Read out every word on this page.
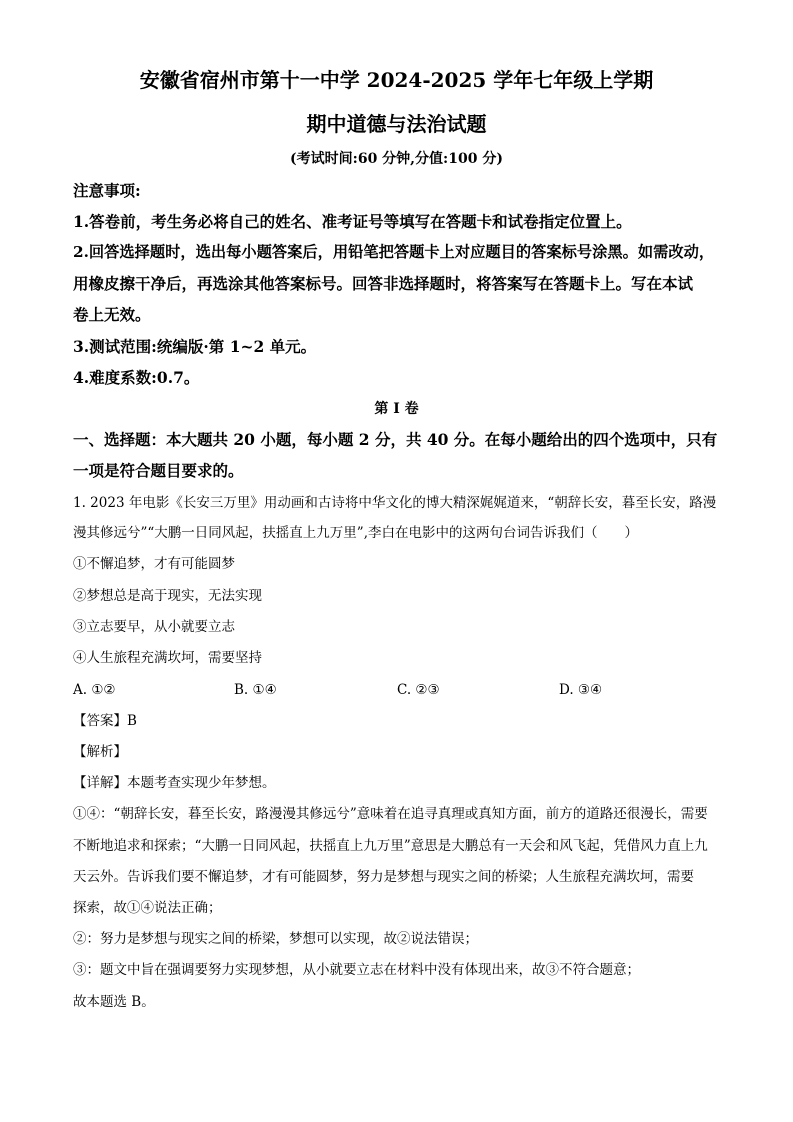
安徽省宿州市第十一中学 2024-2025 学年七年级上学期
期中道德与法治试题
(考试时间:60 分钟,分值:100 分)
注意事项:
1.答卷前，考生务必将自己的姓名、准考证号等填写在答题卡和试卷指定位置上。
2.回答选择题时，选出每小题答案后，用铅笔把答题卡上对应题目的答案标号涂黑。如需改动，
用橡皮擦干净后，再选涂其他答案标号。回答非选择题时，将答案写在答题卡上。写在本试
卷上无效。
3.测试范围:统编版·第 1~2 单元。
4.难度系数:0.7。
第 I 卷
一、选择题：本大题共 20 小题，每小题 2 分，共 40 分。在每小题给出的四个选项中，只有
一项是符合题目要求的。
1. 2023 年电影《长安三万里》用动画和古诗将中华文化的博大精深娓娓道来，“朝辞长安，暮至长安，路漫
漫其修远兮”“大鹏一日同风起，扶摇直上九万里”,李白在电影中的这两句台词告诉我们（　　）
①不懈追梦，才有可能圆梦
②梦想总是高于现实，无法实现
③立志要早，从小就要立志
④人生旅程充满坎坷，需要坚持
A. ①②	B. ①④	C. ②③	D. ③④
【答案】B
【解析】
【详解】本题考查实现少年梦想。
①④：“朝辞长安，暮至长安，路漫漫其修远兮”意味着在追寻真理或真知方面，前方的道路还很漫长，需要
不断地追求和探索；“大鹏一日同风起，扶摇直上九万里”意思是大鹏总有一天会和风飞起，凭借风力直上九
天云外。告诉我们要不懈追梦，才有可能圆梦，努力是梦想与现实之间的桥梁；人生旅程充满坎坷，需要
探索，故①④说法正确；
②：努力是梦想与现实之间的桥梁，梦想可以实现，故②说法错误；
③：题文中旨在强调要努力实现梦想，从小就要立志在材料中没有体现出来，故③不符合题意；
故本题选 B。
